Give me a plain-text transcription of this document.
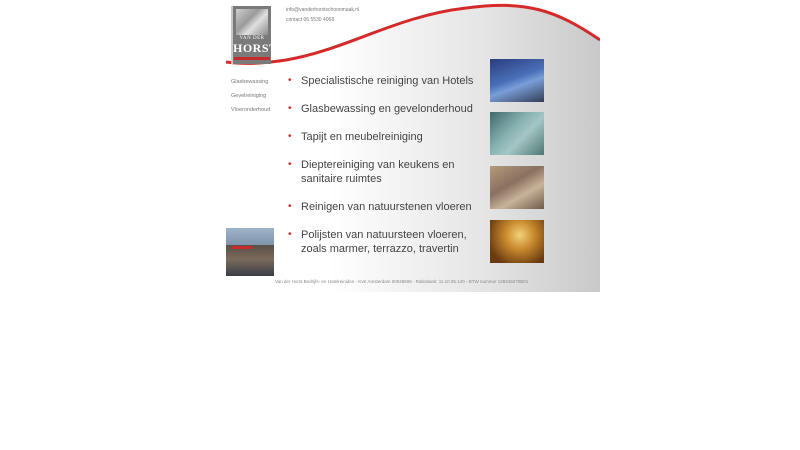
VAN DER
HORST
info@vanderhorstschoonmaak.nl
contact 06 5530 4068
Glasbewassing
Gevelreiniging
Vloeronderhoud
• Specialistische reiniging van Hotels
• Glasbewassing en gevelonderhoud
• Tapijt en meubelreiniging
• Dieptereiniging van keukens en sanitaire ruimtes
• Reinigen van natuurstenen vloeren
• Polijsten van natuursteen vloeren, zoals marmer, terrazzo, travertin
Van der Horst Bedrijfs- en Hotelreiniden - KvK Amsterdam 00048606 - Rabobank: 11.10.05.140 - BTW nummer 128346270B01
